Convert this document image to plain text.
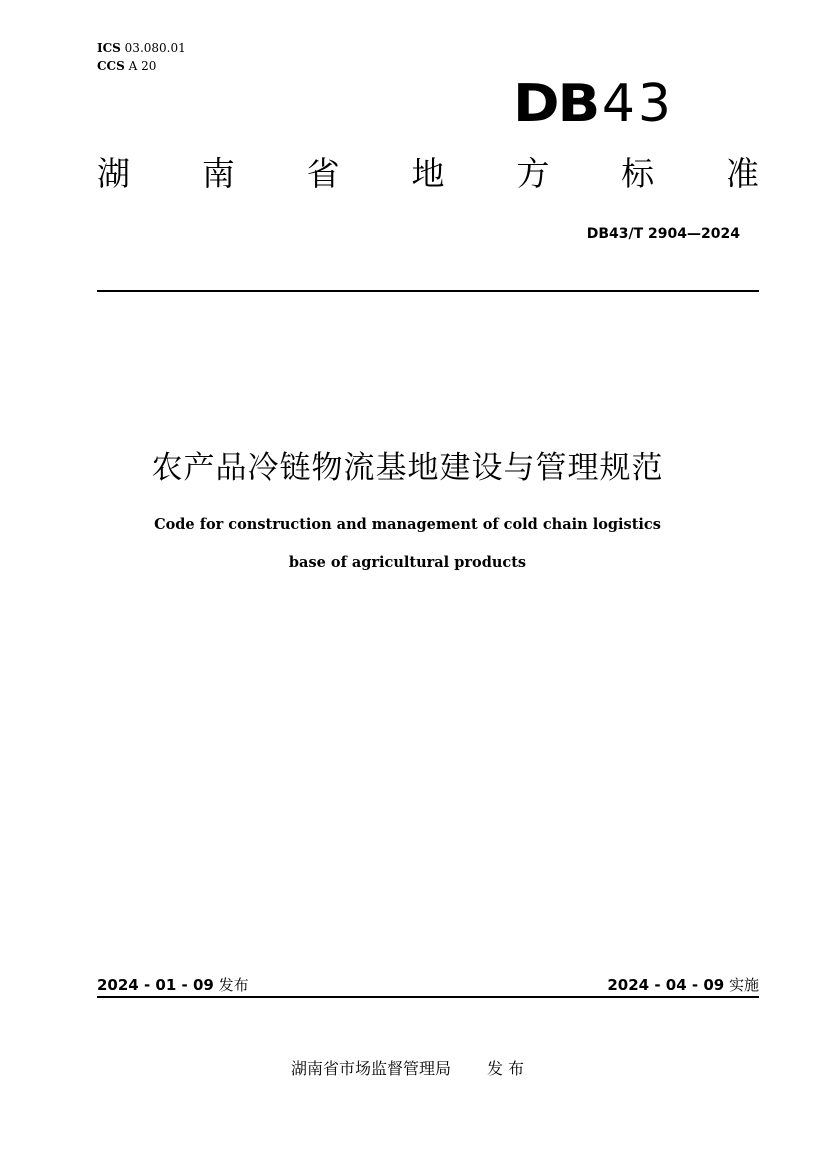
ICS 03.080.01
CCS A 20
DB 43
湖 南 省 地 方 标 准
DB43/T 2904—2024
农产品冷链物流基地建设与管理规范
Code for construction and management of cold chain logistics
base of agricultural products
2024 - 01 - 09 发布	2024 - 04 - 09 实施
湖南省市场监督管理局 发 布
